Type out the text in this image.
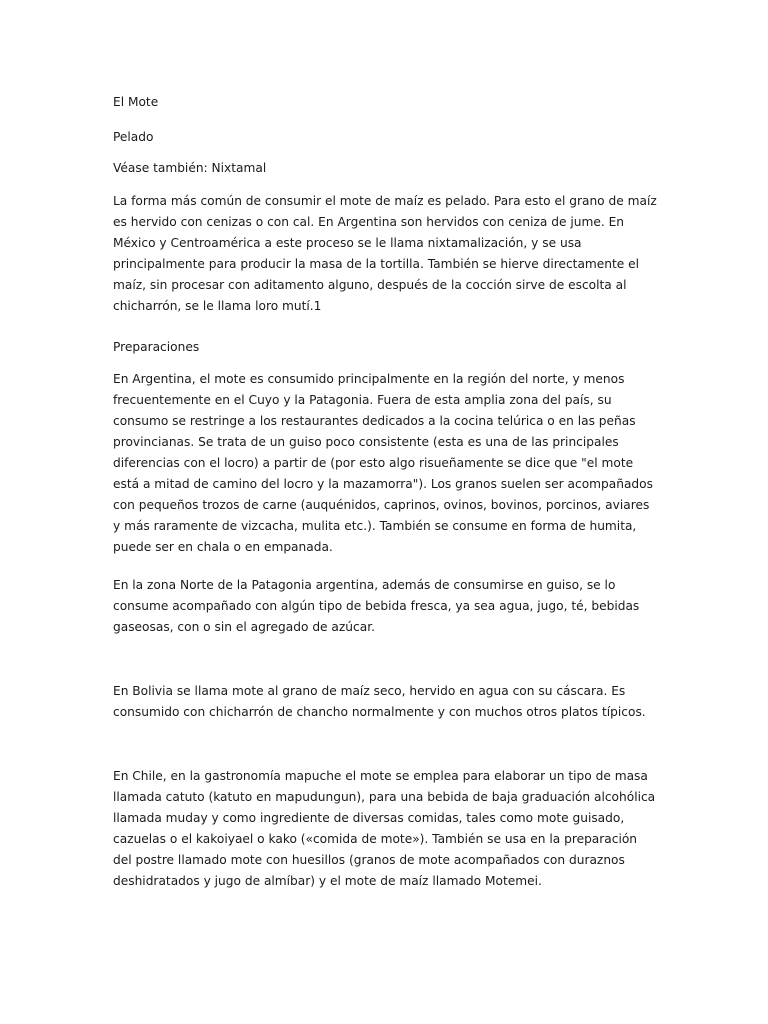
El Mote

Pelado

Véase también: Nixtamal

La forma más común de consumir el mote de maíz es pelado. Para esto el grano de maíz es hervido con cenizas o con cal. En Argentina son hervidos con ceniza de jume. En México y Centroamérica a este proceso se le llama nixtamalización, y se usa principalmente para producir la masa de la tortilla. También se hierve directamente el maíz, sin procesar con aditamento alguno, después de la cocción sirve de escolta al chicharrón, se le llama loro mutí.1

Preparaciones

En Argentina, el mote es consumido principalmente en la región del norte, y menos frecuentemente en el Cuyo y la Patagonia. Fuera de esta amplia zona del país, su consumo se restringe a los restaurantes dedicados a la cocina telúrica o en las peñas provincianas. Se trata de un guiso poco consistente (esta es una de las principales diferencias con el locro) a partir de (por esto algo risueñamente se dice que "el mote está a mitad de camino del locro y la mazamorra"). Los granos suelen ser acompañados con pequeños trozos de carne (auquénidos, caprinos, ovinos, bovinos, porcinos, aviares y más raramente de vizcacha, mulita etc.). También se consume en forma de humita, puede ser en chala o en empanada.

En la zona Norte de la Patagonia argentina, además de consumirse en guiso, se lo consume acompañado con algún tipo de bebida fresca, ya sea agua, jugo, té, bebidas gaseosas, con o sin el agregado de azúcar.

En Bolivia se llama mote al grano de maíz seco, hervido en agua con su cáscara. Es consumido con chicharrón de chancho normalmente y con muchos otros platos típicos.

En Chile, en la gastronomía mapuche el mote se emplea para elaborar un tipo de masa llamada catuto (katuto en mapudungun), para una bebida de baja graduación alcohólica llamada muday y como ingrediente de diversas comidas, tales como mote guisado, cazuelas o el kakoiyael o kako («comida de mote»). También se usa en la preparación del postre llamado mote con huesillos (granos de mote acompañados con duraznos deshidratados y jugo de almíbar) y el mote de maíz llamado Motemei.
